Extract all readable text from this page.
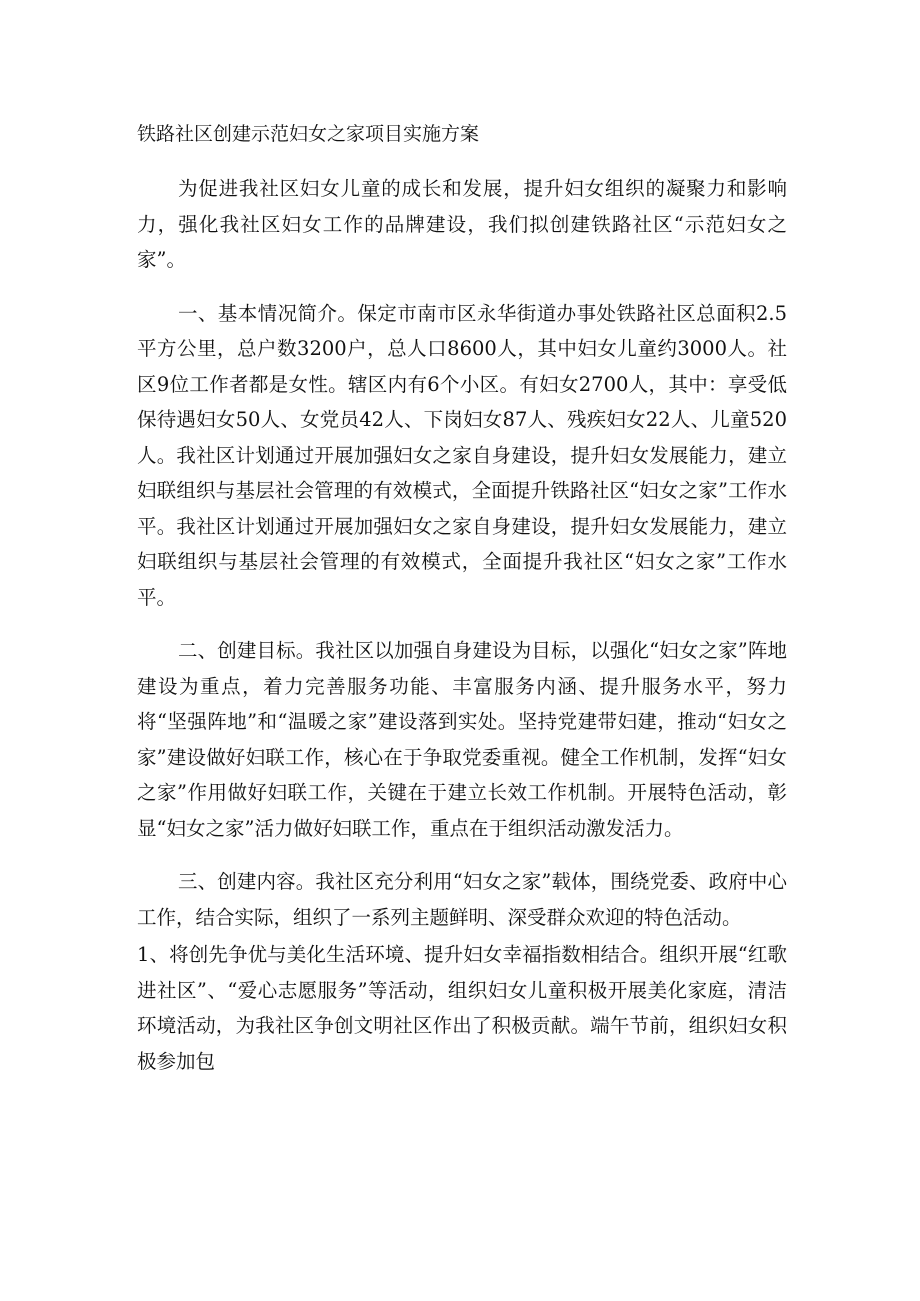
铁路社区创建示范妇女之家项目实施方案

为促进我社区妇女儿童的成长和发展，提升妇女组织的凝聚力和影响力，强化我社区妇女工作的品牌建设，我们拟创建铁路社区“示范妇女之家”。

一、基本情况简介。保定市南市区永华街道办事处铁路社区总面积2.5平方公里，总户数3200户，总人口8600人，其中妇女儿童约3000人。社区9位工作者都是女性。辖区内有6个小区。有妇女2700人，其中：享受低保待遇妇女50人、女党员42人、下岗妇女87人、残疾妇女22人、儿童520人。我社区计划通过开展加强妇女之家自身建设，提升妇女发展能力，建立妇联组织与基层社会管理的有效模式，全面提升铁路社区“妇女之家”工作水平。我社区计划通过开展加强妇女之家自身建设，提升妇女发展能力，建立妇联组织与基层社会管理的有效模式，全面提升我社区“妇女之家”工作水平。

二、创建目标。我社区以加强自身建设为目标，以强化“妇女之家”阵地建设为重点，着力完善服务功能、丰富服务内涵、提升服务水平，努力将“坚强阵地”和“温暖之家”建设落到实处。坚持党建带妇建，推动“妇女之家”建设做好妇联工作，核心在于争取党委重视。健全工作机制，发挥“妇女之家”作用做好妇联工作，关键在于建立长效工作机制。开展特色活动，彰显“妇女之家”活力做好妇联工作，重点在于组织活动激发活力。

三、创建内容。我社区充分利用“妇女之家”载体，围绕党委、政府中心工作，结合实际，组织了一系列主题鲜明、深受群众欢迎的特色活动。

1、将创先争优与美化生活环境、提升妇女幸福指数相结合。组织开展“红歌进社区”、“爱心志愿服务”等活动，组织妇女儿童积极开展美化家庭，清洁环境活动，为我社区争创文明社区作出了积极贡献。端午节前，组织妇女积极参加包
